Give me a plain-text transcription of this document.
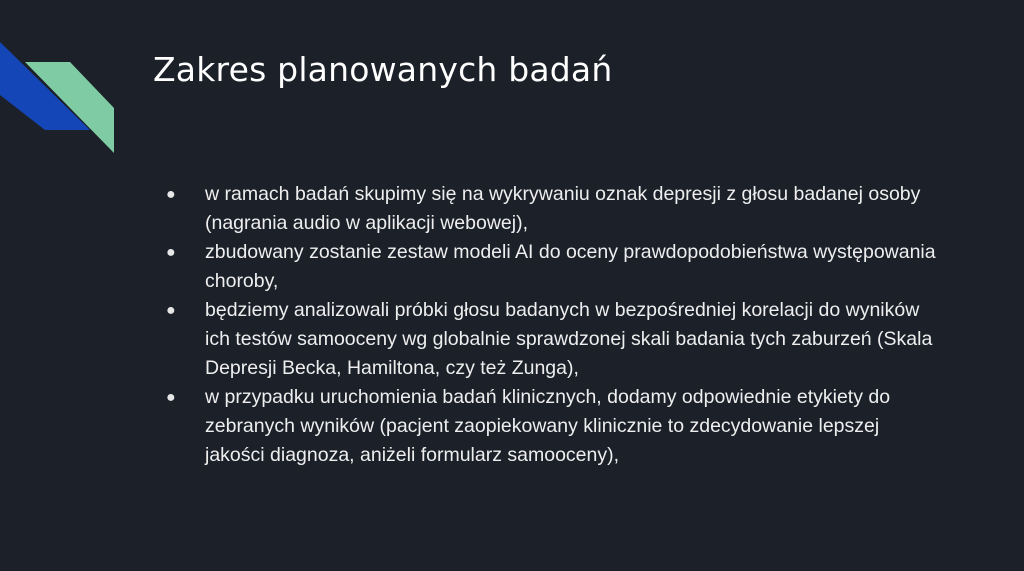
Zakres planowanych badań
● w ramach badań skupimy się na wykrywaniu oznak depresji z głosu badanej osoby (nagrania audio w aplikacji webowej),
● zbudowany zostanie zestaw modeli AI do oceny prawdopodobieństwa występowania choroby,
● będziemy analizowali próbki głosu badanych w bezpośredniej korelacji do wyników ich testów samooceny wg globalnie sprawdzonej skali badania tych zaburzeń (Skala Depresji Becka, Hamiltona, czy też Zunga),
● w przypadku uruchomienia badań klinicznych, dodamy odpowiednie etykiety do zebranych wyników (pacjent zaopiekowany klinicznie to zdecydowanie lepszej jakości diagnoza, aniżeli formularz samooceny),
